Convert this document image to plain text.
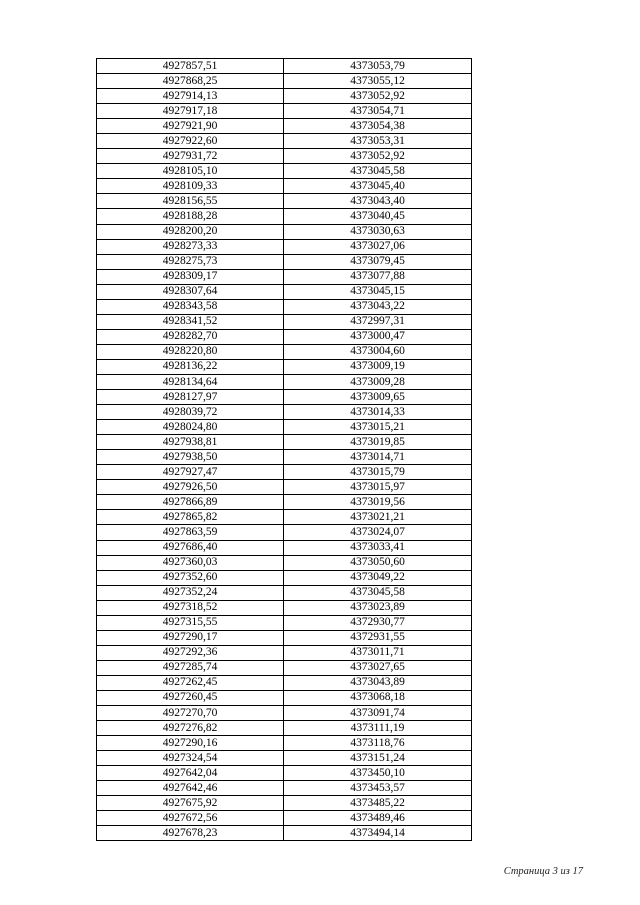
4927857,51	4373053,79
4927868,25	4373055,12
4927914,13	4373052,92
4927917,18	4373054,71
4927921,90	4373054,38
4927922,60	4373053,31
4927931,72	4373052,92
4928105,10	4373045,58
4928109,33	4373045,40
4928156,55	4373043,40
4928188,28	4373040,45
4928200,20	4373030,63
4928273,33	4373027,06
4928275,73	4373079,45
4928309,17	4373077,88
4928307,64	4373045,15
4928343,58	4373043,22
4928341,52	4372997,31
4928282,70	4373000,47
4928220,80	4373004,60
4928136,22	4373009,19
4928134,64	4373009,28
4928127,97	4373009,65
4928039,72	4373014,33
4928024,80	4373015,21
4927938,81	4373019,85
4927938,50	4373014,71
4927927,47	4373015,79
4927926,50	4373015,97
4927866,89	4373019,56
4927865,82	4373021,21
4927863,59	4373024,07
4927686,40	4373033,41
4927360,03	4373050,60
4927352,60	4373049,22
4927352,24	4373045,58
4927318,52	4373023,89
4927315,55	4372930,77
4927290,17	4372931,55
4927292,36	4373011,71
4927285,74	4373027,65
4927262,45	4373043,89
4927260,45	4373068,18
4927270,70	4373091,74
4927276,82	4373111,19
4927290,16	4373118,76
4927324,54	4373151,24
4927642,04	4373450,10
4927642,46	4373453,57
4927675,92	4373485,22
4927672,56	4373489,46
4927678,23	4373494,14
Страница 3 из 17
